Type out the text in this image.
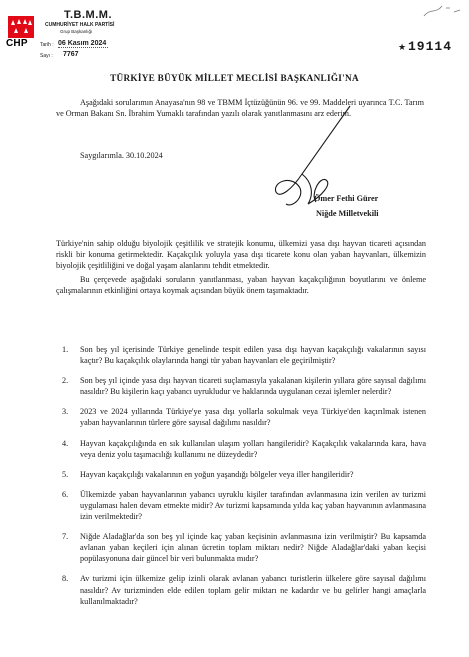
CHP
T.B.M.M.
CUMHURİYET HALK PARTİSİ
Grup Başkanlığı
Tarih : 06 Kasım 2024
Sayı : 7767
★ 19114
TÜRKİYE BÜYÜK MİLLET MECLİSİ BAŞKANLIĞI'NA
Aşağıdaki sorularımın Anayasa'nın 98 ve TBMM İçtüzüğünün 96. ve 99. Maddeleri uyarınca T.C. Tarım ve Orman Bakanı Sn. İbrahim Yumaklı tarafından yazılı olarak yanıtlanmasını arz ederim.
Saygılarımla. 30.10.2024
Ömer Fethi Gürer
Niğde Milletvekili
Türkiye'nin sahip olduğu biyolojik çeşitlilik ve stratejik konumu, ülkemizi yasa dışı hayvan ticareti açısından riskli bir konuma getirmektedir. Kaçakçılık yoluyla yasa dışı ticarete konu olan yaban hayvanları, ülkemizin biyolojik çeşitliliğini ve doğal yaşam alanlarını tehdit etmektedir.
Bu çerçevede aşağıdaki soruların yanıtlanması, yaban hayvan kaçakçılığının boyutlarını ve önleme çalışmalarının etkinliğini ortaya koymak açısından büyük önem taşımaktadır.
1. Son beş yıl içerisinde Türkiye genelinde tespit edilen yasa dışı hayvan kaçakçılığı vakalarının sayısı kaçtır? Bu kaçakçılık olaylarında hangi tür yaban hayvanları ele geçirilmiştir?
2. Son beş yıl içinde yasa dışı hayvan ticareti suçlamasıyla yakalanan kişilerin yıllara göre sayısal dağılımı nasıldır? Bu kişilerin kaçı yabancı uyrukludur ve haklarında uygulanan cezai işlemler nelerdir?
3. 2023 ve 2024 yıllarında Türkiye'ye yasa dışı yollarla sokulmak veya Türkiye'den kaçırılmak istenen yaban hayvanlarının türlere göre sayısal dağılımı nasıldır?
4. Hayvan kaçakçılığında en sık kullanılan ulaşım yolları hangileridir? Kaçakçılık vakalarında kara, hava veya deniz yolu taşımacılığı kullanımı ne düzeydedir?
5. Hayvan kaçakçılığı vakalarının en yoğun yaşandığı bölgeler veya iller hangileridir?
6. Ülkemizde yaban hayvanlarının yabancı uyruklu kişiler tarafından avlanmasına izin verilen av turizmi uygulaması halen devam etmekte midir? Av turizmi kapsamında yılda kaç yaban hayvanının avlanmasına izin verilmektedir?
7. Niğde Aladağlar'da son beş yıl içinde kaç yaban keçisinin avlanmasına izin verilmiştir? Bu kapsamda avlanan yaban keçileri için alınan ücretin toplam miktarı nedir? Niğde Aladağlar'daki yaban keçisi popülasyonuna dair güncel bir veri bulunmakta mıdır?
8. Av turizmi için ülkemize gelip izinli olarak avlanan yabancı turistlerin ülkelere göre sayısal dağılımı nasıldır? Av turizminden elde edilen toplam gelir miktarı ne kadardır ve bu gelirler hangi amaçlarla kullanılmaktadır?
